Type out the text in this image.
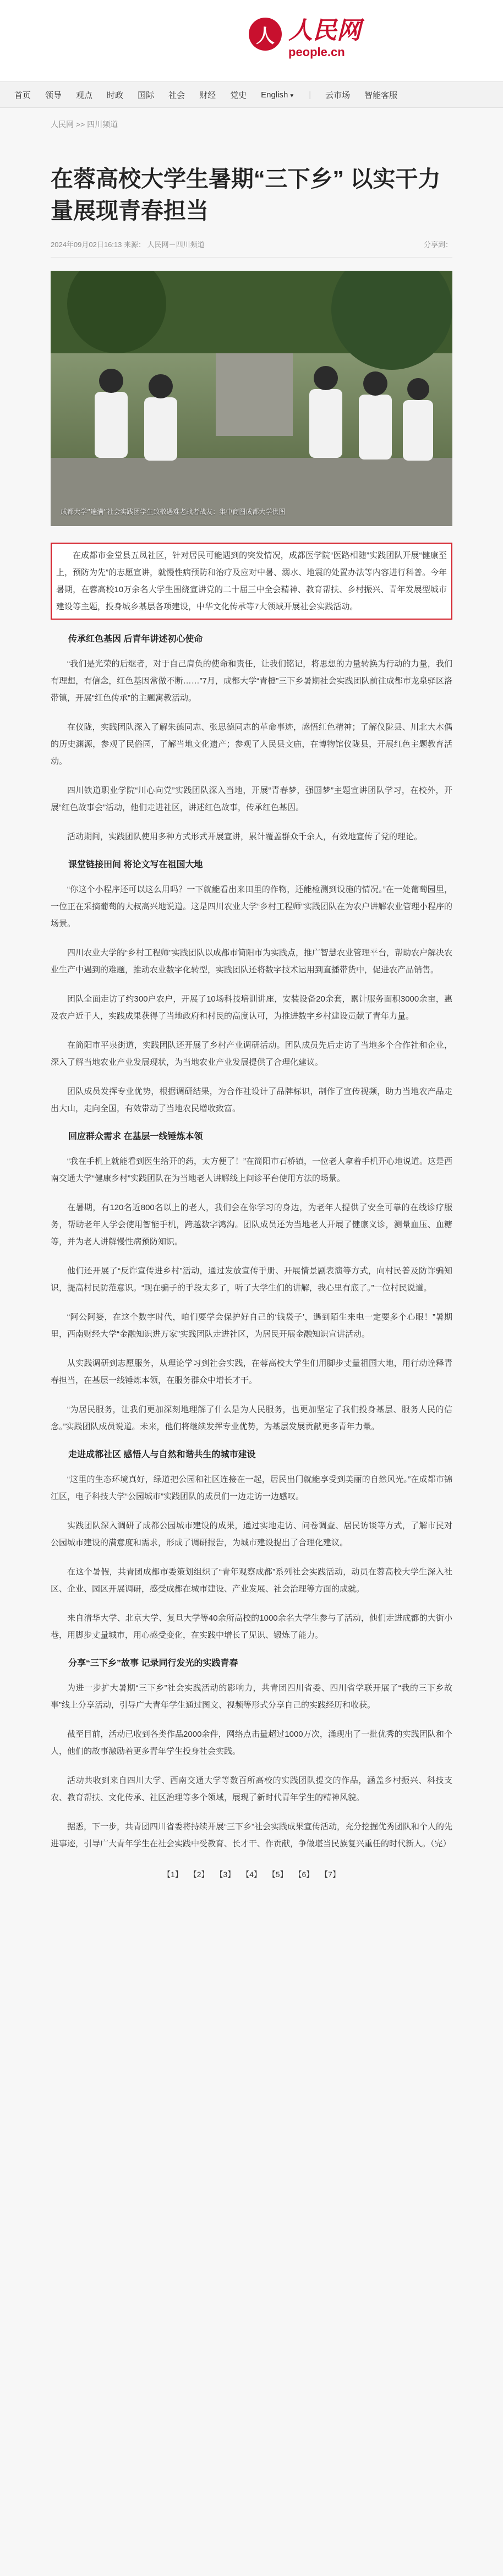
人 人民网
people.cn
首页 领导 观点 时政 国际 社会 财经 党史 English ▼ | 云市场 智能客服
人民网 >> 四川频道
在蓉高校大学生暑期“三下乡” 以实干力量展现青春担当
2024年09月02日16:13 来源： 人民网－四川频道	分享到：
成都大学“遍满”社会实践团学生致敬遇难老战者战友：集中商图成都大学供图

在成都市金堂县五凤社区，针对居民可能遇到的突发情况，成都医学院“医路相随”实践团队开展“健康至上，预防为先”的志愿宣讲，就慢性病预防和治疗及应对中暑、溺水、地震的处置办法等内容进行科普。今年暑期，在蓉高校10万余名大学生围绕宣讲党的二十届三中全会精神、教育帮扶、乡村振兴、青年发展型城市建设等主题，投身城乡基层各项建设，中华文化传承等7大领域开展社会实践活动。

传承红色基因 后青年讲述初心使命

“我们是光荣的后继者，对于自己肩负的使命和责任，让我们铭记，将思想的力量转换为行动的力量，我们有理想，有信念，红色基因常做不断……”7月，成都大学“青橙”三下乡暑期社会实践团队前往成都市龙泉驿区洛带镇，开展“红色传承”的主题寓教活动。

在仪陇，实践团队深入了解朱德同志、张思德同志的革命事迹，感悟红色精神；了解仪陇县、川北大木偶的历史渊源，参观了民俗园，了解当地文化遗产；参观了人民县文庙，在博物馆仪陇县，开展红色主题教育活动。

四川铁道职业学院“川心向党”实践团队深入当地，开展“青春梦，强国梦”主题宣讲团队学习，在校外，开展“红色故事会”活动，他们走进社区，讲述红色故事，传承红色基因。

活动期间，实践团队使用多种方式形式开展宣讲，累计覆盖群众千余人，有效地宣传了党的理论。

课堂链接田间 将论文写在祖国大地

“你这个小程序还可以这么用吗？一下就能看出来田里的作物，还能检测到设施的情况。”在一处葡萄园里，一位正在采摘葡萄的大叔高兴地说道。这是四川农业大学“乡村工程师”实践团队在为农户讲解农业管理小程序的场景。

四川农业大学的“乡村工程师”实践团队以成都市简阳市为实践点，推广智慧农业管理平台，帮助农户解决农业生产中遇到的难题，推动农业数字化转型，实践团队还将数字技术运用到直播带货中，促进农产品销售。

团队全面走访了约300户农户，开展了10场科技培训讲座，安装设备20余套，累计服务面积3000余亩，惠及农户近千人，实践成果获得了当地政府和村民的高度认可，为推进数字乡村建设贡献了青年力量。

在简阳市平泉街道，实践团队还开展了乡村产业调研活动。团队成员先后走访了当地多个合作社和企业，深入了解当地农业产业发展现状，为当地农业产业发展提供了合理化建议。

团队成员发挥专业优势，根据调研结果，为合作社设计了品牌标识，制作了宣传视频，助力当地农产品走出大山，走向全国，有效带动了当地农民增收致富。

回应群众需求 在基层一线锤炼本领

“我在手机上就能看到医生给开的药，太方便了！”在简阳市石桥镇，一位老人拿着手机开心地说道。这是西南交通大学“健康乡村”实践团队在为当地老人讲解线上问诊平台使用方法的场景。

在暑期，有120名近800名以上的老人，我们会在你学习的身边，为老年人提供了安全可靠的在线诊疗服务，帮助老年人学会使用智能手机，跨越数字鸿沟。团队成员还为当地老人开展了健康义诊，测量血压、血糖等，并为老人讲解慢性病预防知识。

他们还开展了“反诈宣传进乡村”活动，通过发放宣传手册、开展情景剧表演等方式，向村民普及防诈骗知识，提高村民防范意识。“现在骗子的手段太多了，听了大学生们的讲解，我心里有底了。”一位村民说道。

“阿公阿婆，在这个数字时代，咱们要学会保护好自己的‘钱袋子’，遇到陌生来电一定要多个心眼！”暑期里，西南财经大学“金融知识进万家”实践团队走进社区，为居民开展金融知识宣讲活动。

从实践调研到志愿服务，从理论学习到社会实践，在蓉高校大学生们用脚步丈量祖国大地，用行动诠释青春担当，在基层一线锤炼本领，在服务群众中增长才干。

“为居民服务，让我们更加深刻地理解了什么是为人民服务，也更加坚定了我们投身基层、服务人民的信念。”实践团队成员说道。未来，他们将继续发挥专业优势，为基层发展贡献更多青年力量。

走进成都社区 感悟人与自然和谐共生的城市建设

“这里的生态环境真好，绿道把公园和社区连接在一起，居民出门就能享受到美丽的自然风光。”在成都市锦江区，电子科技大学“公园城市”实践团队的成员们一边走访一边感叹。

实践团队深入调研了成都公园城市建设的成果，通过实地走访、问卷调查、居民访谈等方式，了解市民对公园城市建设的满意度和需求，形成了调研报告，为城市建设提出了合理化建议。

在这个暑假，共青团成都市委策划组织了“青年观察成都”系列社会实践活动，动员在蓉高校大学生深入社区、企业、园区开展调研，感受成都在城市建设、产业发展、社会治理等方面的成就。

来自清华大学、北京大学、复旦大学等40余所高校的1000余名大学生参与了活动，他们走进成都的大街小巷，用脚步丈量城市，用心感受变化，在实践中增长了见识、锻炼了能力。

分享“三下乡”故事 记录同行发光的实践青春

为进一步扩大暑期“三下乡”社会实践活动的影响力，共青团四川省委、四川省学联开展了“我的三下乡故事”线上分享活动，引导广大青年学生通过图文、视频等形式分享自己的实践经历和收获。

截至目前，活动已收到各类作品2000余件，网络点击量超过1000万次，涌现出了一批优秀的实践团队和个人，他们的故事激励着更多青年学生投身社会实践。

活动共收到来自四川大学、西南交通大学等数百所高校的实践团队提交的作品，涵盖乡村振兴、科技支农、教育帮扶、文化传承、社区治理等多个领域，展现了新时代青年学生的精神风貌。

据悉，下一步，共青团四川省委将持续开展“三下乡”社会实践成果宣传活动，充分挖掘优秀团队和个人的先进事迹，引导广大青年学生在社会实践中受教育、长才干、作贡献，争做堪当民族复兴重任的时代新人。（完）

【1】 【2】 【3】 【4】 【5】 【6】 【7】
